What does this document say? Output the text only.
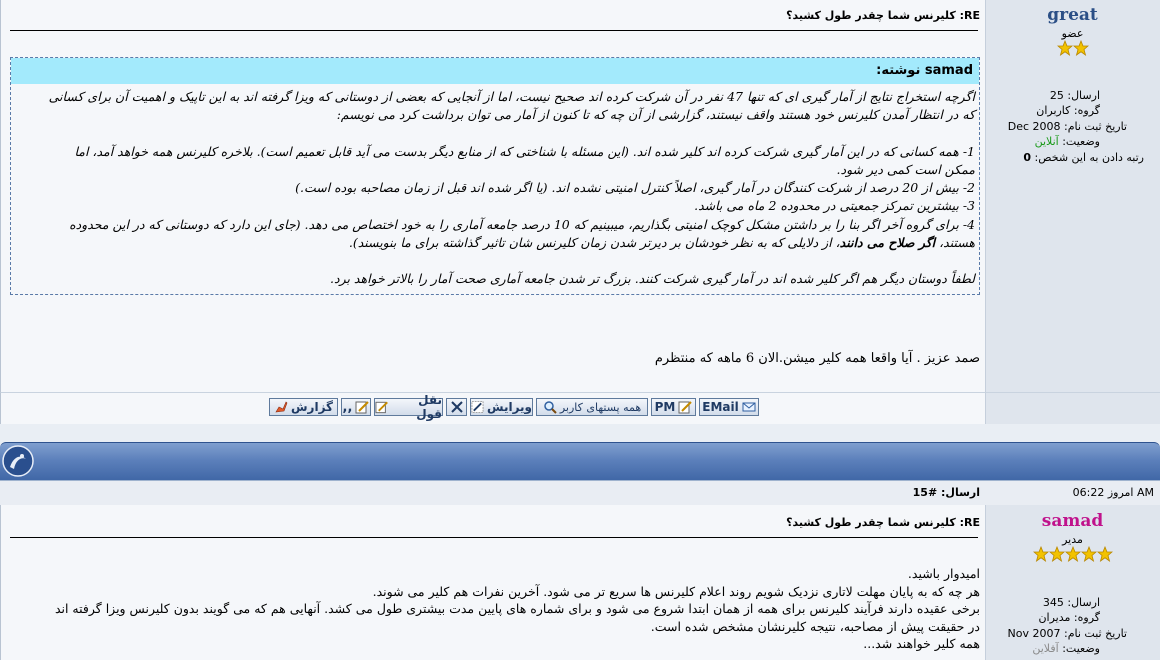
RE: کلیرنس شما چقدر طول کشید؟
samad نوشته:

اگرچه استخراج نتایج از آمار گیری ای که تنها 47 نفر در آن شرکت کرده اند صحیح نیست، اما از آنجایی که بعضی از دوستانی که ویزا گرفته اند به این تاپیک و اهمیت آن برای کسانی

که در انتظار آمدن کلیرنس خود هستند واقف نیستند، گزارشی از آن چه که تا کنون از آمار می توان برداشت کرد می نویسم:

1- همه کسانی که در این آمار گیری شرکت کرده اند کلیر شده اند. (این مسئله با شناختی که از منابع دیگر بدست می آید قابل تعمیم است). بلاخره کلیرنس همه خواهد آمد، اما

ممکن است کمی دیر شود.

2- بیش از 20 درصد از شرکت کنندگان در آمار گیری، اصلاً کنترل امنیتی نشده اند. (یا اگر شده اند قبل از زمان مصاحبه بوده است.)

3- بیشترین تمرکز جمعیتی در محدوده 2 ماه می باشد.

4- برای گروه آخر اگر بنا را بر داشتن مشکل کوچک امنیتی بگذاریم، میبینیم که 10 درصد جامعه آماری را به خود اختصاص می دهد. (جای این دارد که دوستانی که در این محدوده

هستند، اگر صلاح می دانند، از دلایلی که به نظر خودشان بر دیرتر شدن زمان کلیرنس شان تاثیر گذاشته برای ما بنویسند).

لطفاً دوستان دیگر هم اگر کلیر شده اند در آمار گیری شرکت کنند. بزرگ تر شدن جامعه آماری صحت آمار را بالاتر خواهد برد.

صمد عزیز . آیا واقعا همه کلیر میشن.الان 6 ماهه که منتظرم
great
عضو
ارسال: 25
گروه: کاربران
تاریخ ثبت نام: Dec 2008
وضعیت: آنلاین
رتبه دادن به این شخص: 0
EMail
PM
همه پستهای کاربر
ویرایش
نقل قول
,,
گزارش
امروز 06:22 AM
ارسال: #15
RE: کلیرنس شما چقدر طول کشید؟

امیدوار باشید.

هر چه که به پایان مهلت لاتاری نزدیک شویم روند اعلام کلیرنس ها سریع تر می شود. آخرین نفرات هم کلیر می شوند.

برخی عقیده دارند فرآیند کلیرنس برای همه از همان ابتدا شروع می شود و برای شماره های پایین مدت بیشتری طول می کشد. آنهایی هم که می گویند بدون کلیرنس ویزا گرفته اند

در حقیقت پیش از مصاحبه، نتیجه کلیرنشان مشخص شده است.

همه کلیر خواهند شد...

samad
مدیر
ارسال: 345
گروه: مدیران
تاریخ ثبت نام: Nov 2007
وضعیت: آفلاین
